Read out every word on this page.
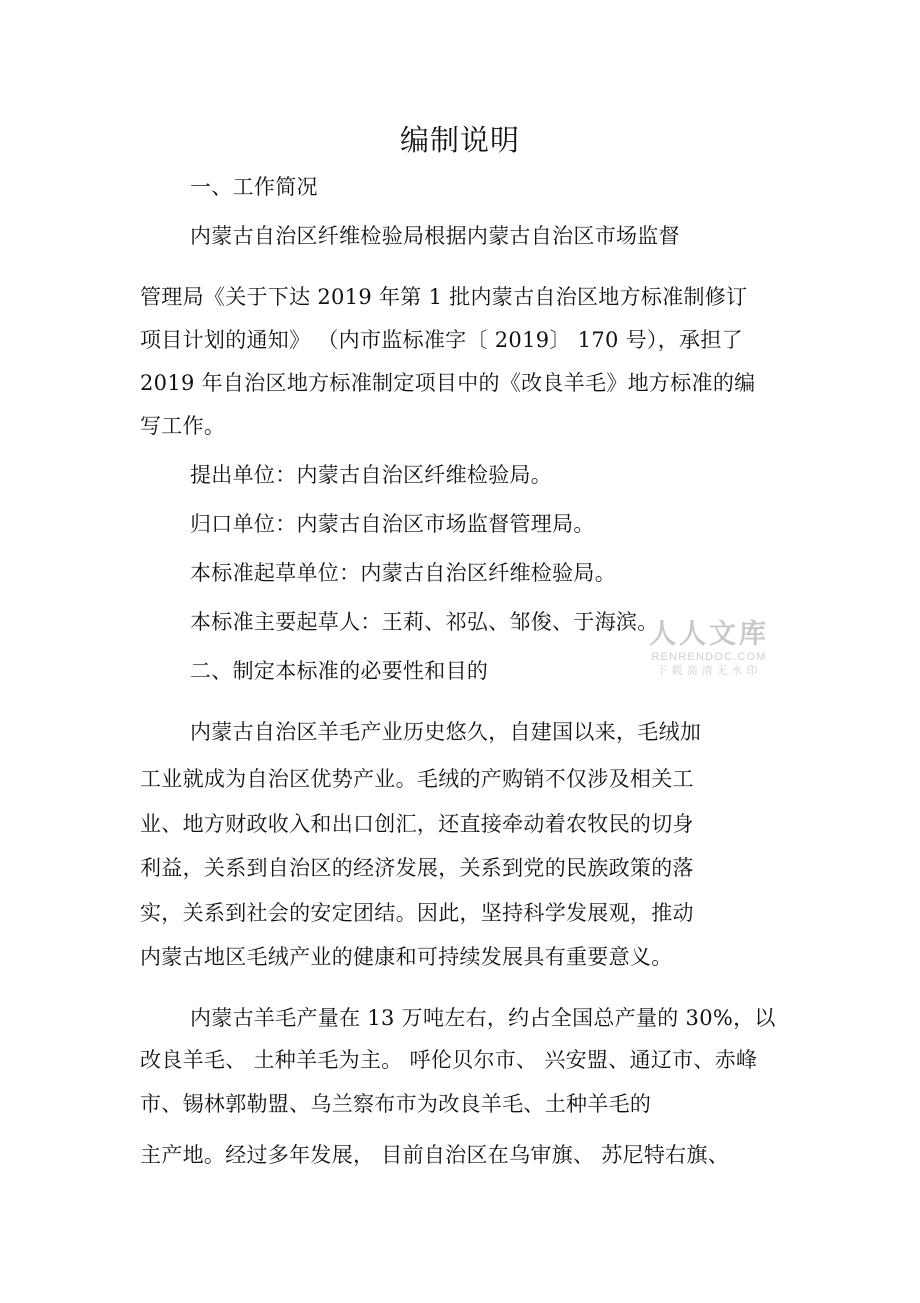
编制说明
一、工作简况
内蒙古自治区纤维检验局根据内蒙古自治区市场监督
管理局《关于下达 2019 年第 1 批内蒙古自治区地方标准制修订
项目计划的通知》 （内市监标准字〔 2019〕 170 号），承担了
2019 年自治区地方标准制定项目中的《改良羊毛》地方标准的编
写工作。
提出单位：内蒙古自治区纤维检验局。
归口单位：内蒙古自治区市场监督管理局。
本标准起草单位：内蒙古自治区纤维检验局。
本标准主要起草人：王莉、祁弘、邹俊、于海滨。
二、制定本标准的必要性和目的
内蒙古自治区羊毛产业历史悠久，自建国以来，毛绒加
工业就成为自治区优势产业。毛绒的产购销不仅涉及相关工
业、地方财政收入和出口创汇，还直接牵动着农牧民的切身
利益，关系到自治区的经济发展，关系到党的民族政策的落
实，关系到社会的安定团结。因此，坚持科学发展观，推动
内蒙古地区毛绒产业的健康和可持续发展具有重要意义。
内蒙古羊毛产量在 13 万吨左右，约占全国总产量的 30%，以
改良羊毛、 土种羊毛为主。 呼伦贝尔市、 兴安盟、通辽市、赤峰
市、锡林郭勒盟、乌兰察布市为改良羊毛、土种羊毛的
主产地。经过多年发展， 目前自治区在乌审旗、 苏尼特右旗、
人人文库
RENRENDOC.COM
下载高清无水印
